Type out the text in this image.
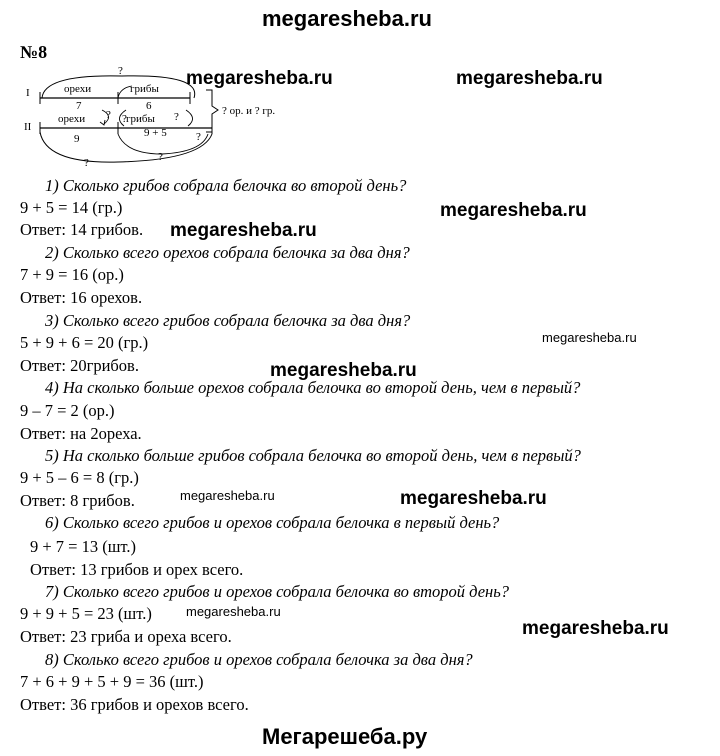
megaresheba.ru
Мегарешеба.ру
megaresheba.ru	megaresheba.ru
megaresheba.ru
megaresheba.ru
megaresheba.ru
megaresheba.ru
megaresheba.ru	megaresheba.ru
megaresheba.ru
megaresheba.ru
№8
I
II
?
орехи	грибы
7	6
орехи	грибы
9	9 + 5
? ?	?	? ор. и ? гр.
?
?	?
1) Сколько грибов собрала белочка во второй день?
9 + 5 = 14 (гр.)
Ответ: 14 грибов.
2) Сколько всего орехов собрала белочка за два дня?
7 + 9 = 16 (ор.)
Ответ: 16 орехов.
3) Сколько всего грибов собрала белочка за два дня?
5 + 9 + 6 = 20 (гр.)
Ответ: 20грибов.
4) На сколько больше орехов собрала белочка во второй день, чем в первый?
9 – 7 = 2 (ор.)
Ответ: на 2ореха.
5) На сколько больше грибов собрала белочка во второй день, чем в первый?
9 + 5 – 6 = 8 (гр.)
Ответ: 8 грибов.
6) Сколько всего грибов и орехов собрала белочка в первый день?
9 + 7 = 13 (шт.)
Ответ: 13 грибов и орех всего.
7) Сколько всего грибов и орехов собрала белочка во второй день?
9 + 9 + 5 = 23 (шт.)
Ответ: 23 гриба и ореха всего.
8) Сколько всего грибов и орехов собрала белочка за два дня?
7 + 6 + 9 + 5 + 9 = 36 (шт.)
Ответ: 36 грибов и орехов всего.
